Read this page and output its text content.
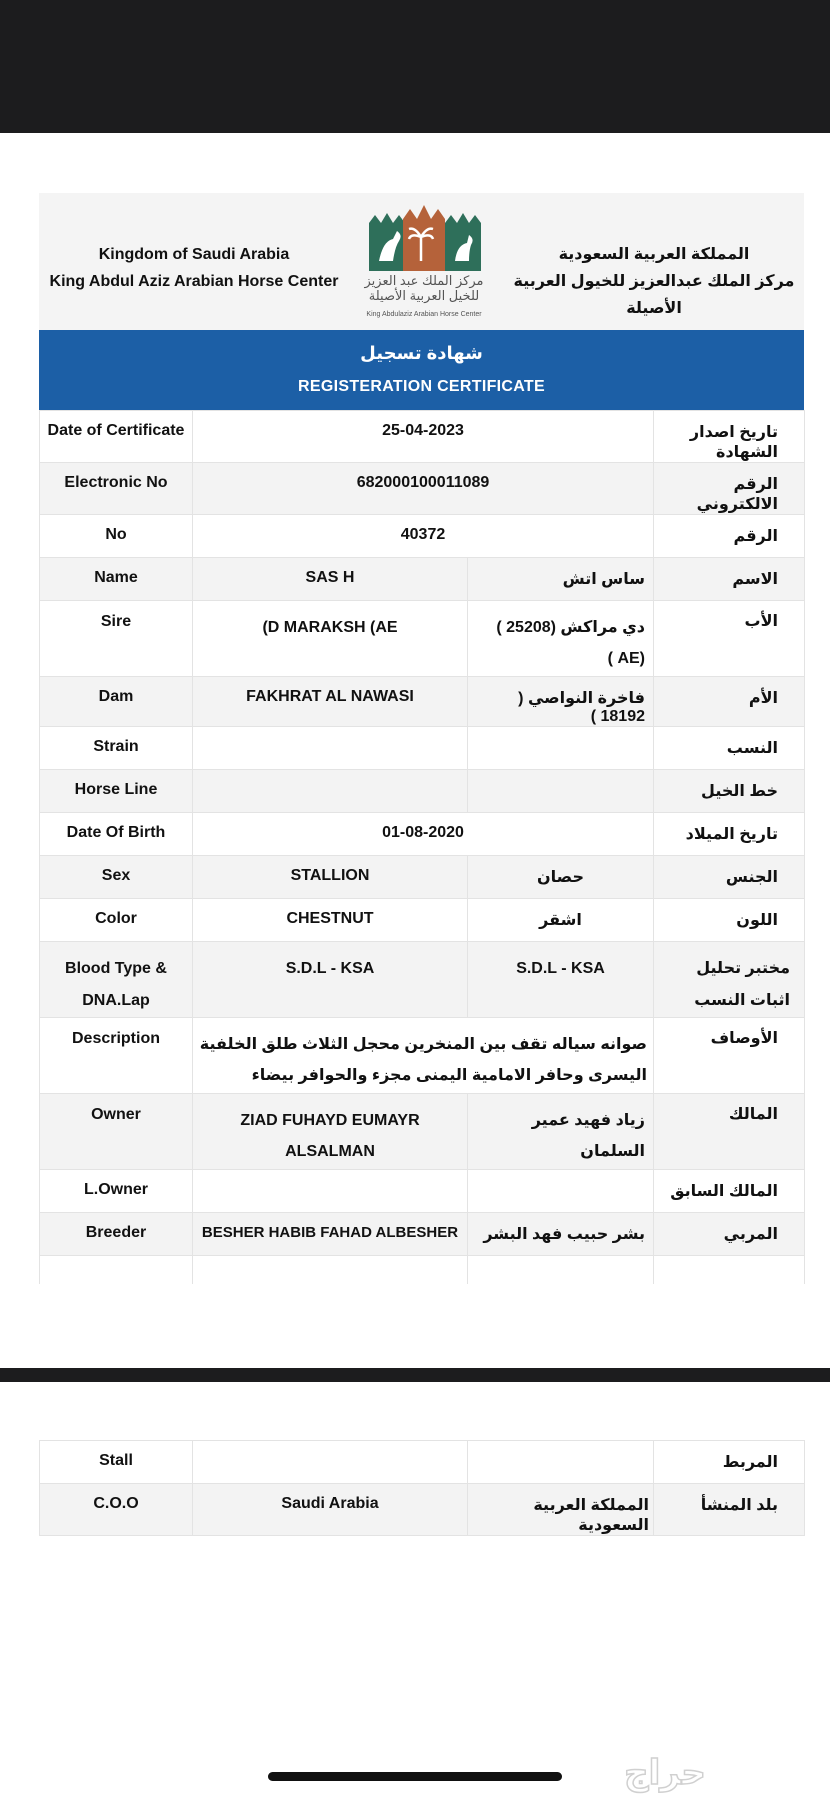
Kingdom of Saudi Arabia
King Abdul Aziz Arabian Horse Center	مركز الملك عبد العزيز
للخيل العربية الأصيلة
King Abdulaziz Arabian Horse Center
المملكة العربية السعودية
مركز الملك عبدالعزيز للخيول العربية الأصيلة
شهادة تسجيل
REGISTERATION CERTIFICATE
Date of Certificate	25-04-2023		تاريخ اصدار الشهادة
Electronic No	682000100011089		الرقم الالكتروني
No	40372		الرقم
Name	SAS H	ساس اتش	الاسم
Sire	(D MARAKSH (AE	دي مراكش (25208 ) (AE )	الأب
Dam	FAKHRAT AL NAWASI	فاخرة النواصي ( 18192 )	الأم
Strain			النسب
Horse Line			خط الخيل
Date Of Birth	01-08-2020		تاريخ الميلاد
Sex	STALLION	حصان	الجنس
Color	CHESTNUT	اشقر	اللون
Blood Type & DNA.Lap	S.D.L - KSA	S.D.L - KSA	مختبر تحليل اثبات النسب
Description	صوانه سياله تقف بين المنخرين محجل الثلاث طلق الخلفية اليسرى وحافر الامامية اليمنى مجزء والحوافر بيضاء		الأوصاف
Owner	ZIAD FUHAYD EUMAYR ALSALMAN	زياد فهيد عمير السلمان	المالك
L.Owner			المالك السابق
Breeder	BESHER HABIB FAHAD ALBESHER	بشر حبيب فهد البشر	المربي

Stall			المربط
C.O.O	Saudi Arabia	المملكة العربية السعودية	بلد المنشأ
حراج
